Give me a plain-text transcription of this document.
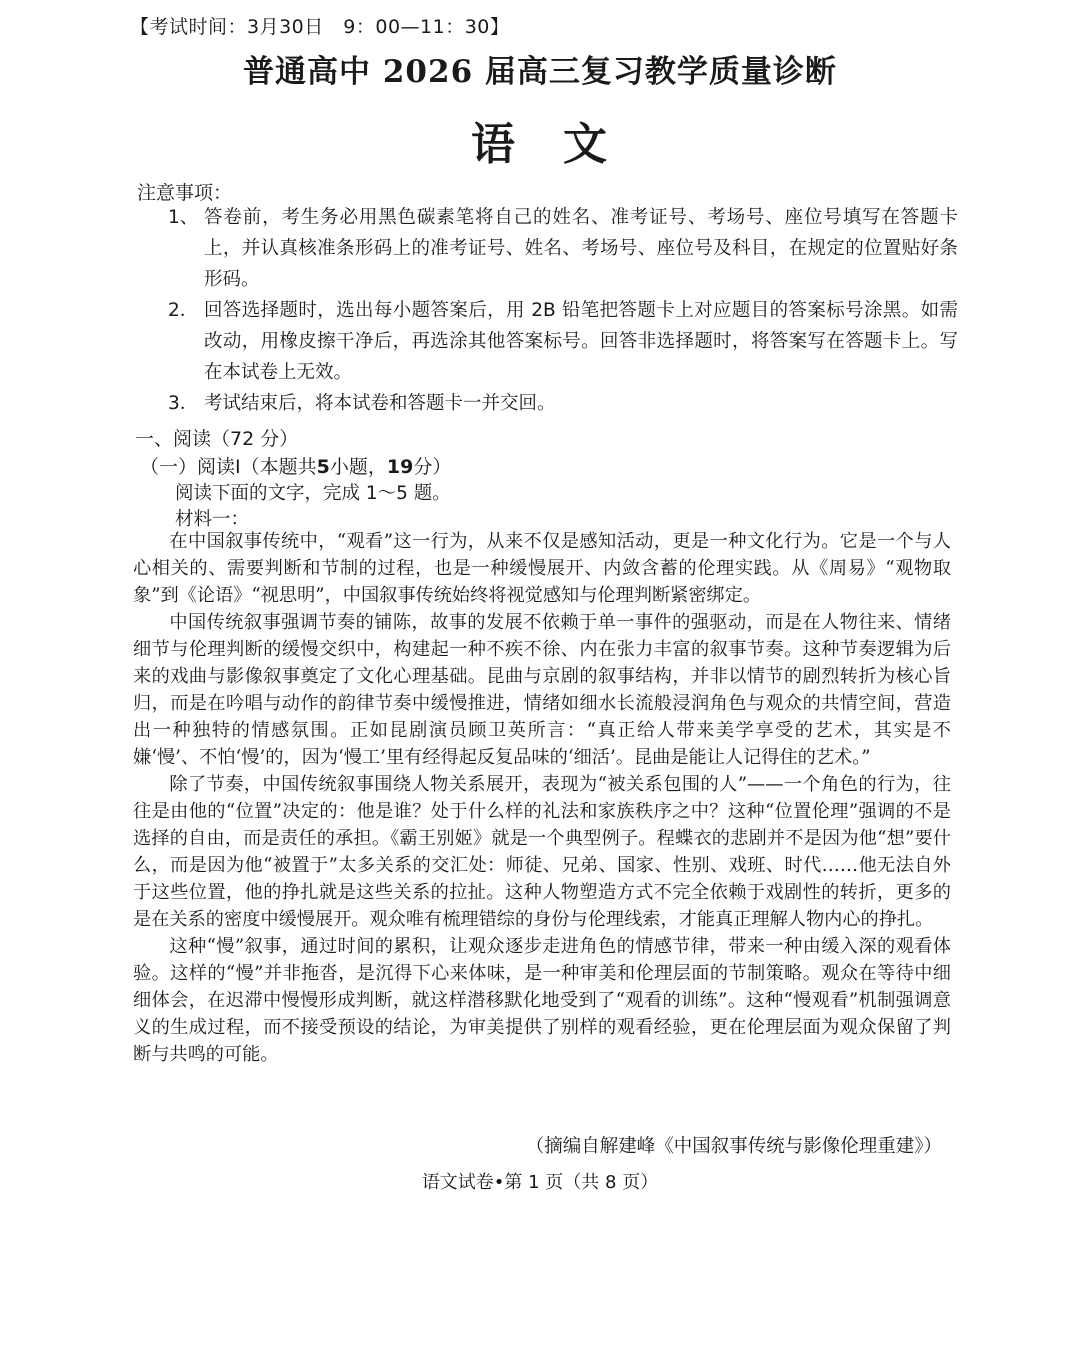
【考试时间：3月30日　9：00—11：30】
普通高中 2026 届高三复习教学质量诊断
语　文
注意事项：
1、 答卷前，考生务必用黑色碳素笔将自己的姓名、准考证号、考场号、座位号填写在答题卡上，并认真核准条形码上的准考证号、姓名、考场号、座位号及科目，在规定的位置贴好条形码。
2． 回答选择题时，选出每小题答案后，用 2B 铅笔把答题卡上对应题目的答案标号涂黑。如需改动，用橡皮擦干净后，再选涂其他答案标号。回答非选择题时，将答案写在答题卡上。写在本试卷上无效。
3． 考试结束后，将本试卷和答题卡一并交回。
一、阅读（72 分）
（一）阅读Ⅰ（本题共5小题，19分）
阅读下面的文字，完成 1～5 题。
材料一：

在中国叙事传统中，“观看”这一行为，从来不仅是感知活动，更是一种文化行为。它是一个与人心相关的、需要判断和节制的过程，也是一种缓慢展开、内敛含蓄的伦理实践。从《周易》“观物取象”到《论语》“视思明”，中国叙事传统始终将视觉感知与伦理判断紧密绑定。

中国传统叙事强调节奏的铺陈，故事的发展不依赖于单一事件的强驱动，而是在人物往来、情绪细节与伦理判断的缓慢交织中，构建起一种不疾不徐、内在张力丰富的叙事节奏。这种节奏逻辑为后来的戏曲与影像叙事奠定了文化心理基础。昆曲与京剧的叙事结构，并非以情节的剧烈转折为核心旨归，而是在吟唱与动作的韵律节奏中缓慢推进，情绪如细水长流般浸润角色与观众的共情空间，营造出一种独特的情感氛围。正如昆剧演员顾卫英所言：“真正给人带来美学享受的艺术，其实是不嫌‘慢’、不怕‘慢’的，因为‘慢工’里有经得起反复品味的‘细活’。昆曲是能让人记得住的艺术。”

除了节奏，中国传统叙事围绕人物关系展开，表现为“被关系包围的人”——一个角色的行为，往往是由他的“位置”决定的：他是谁？处于什么样的礼法和家族秩序之中？这种“位置伦理”强调的不是选择的自由，而是责任的承担。《霸王别姬》就是一个典型例子。程蝶衣的悲剧并不是因为他“想”要什么，而是因为他“被置于”太多关系的交汇处：师徒、兄弟、国家、性别、戏班、时代……他无法自外于这些位置，他的挣扎就是这些关系的拉扯。这种人物塑造方式不完全依赖于戏剧性的转折，更多的是在关系的密度中缓慢展开。观众唯有梳理错综的身份与伦理线索，才能真正理解人物内心的挣扎。

这种“慢”叙事，通过时间的累积，让观众逐步走进角色的情感节律，带来一种由缓入深的观看体验。这样的“慢”并非拖沓，是沉得下心来体味，是一种审美和伦理层面的节制策略。观众在等待中细细体会，在迟滞中慢慢形成判断，就这样潜移默化地受到了“观看的训练”。这种“慢观看”机制强调意义的生成过程，而不接受预设的结论，为审美提供了别样的观看经验，更在伦理层面为观众保留了判断与共鸣的可能。

（摘编自解建峰《中国叙事传统与影像伦理重建》）
语文试卷•第 1 页（共 8 页）
